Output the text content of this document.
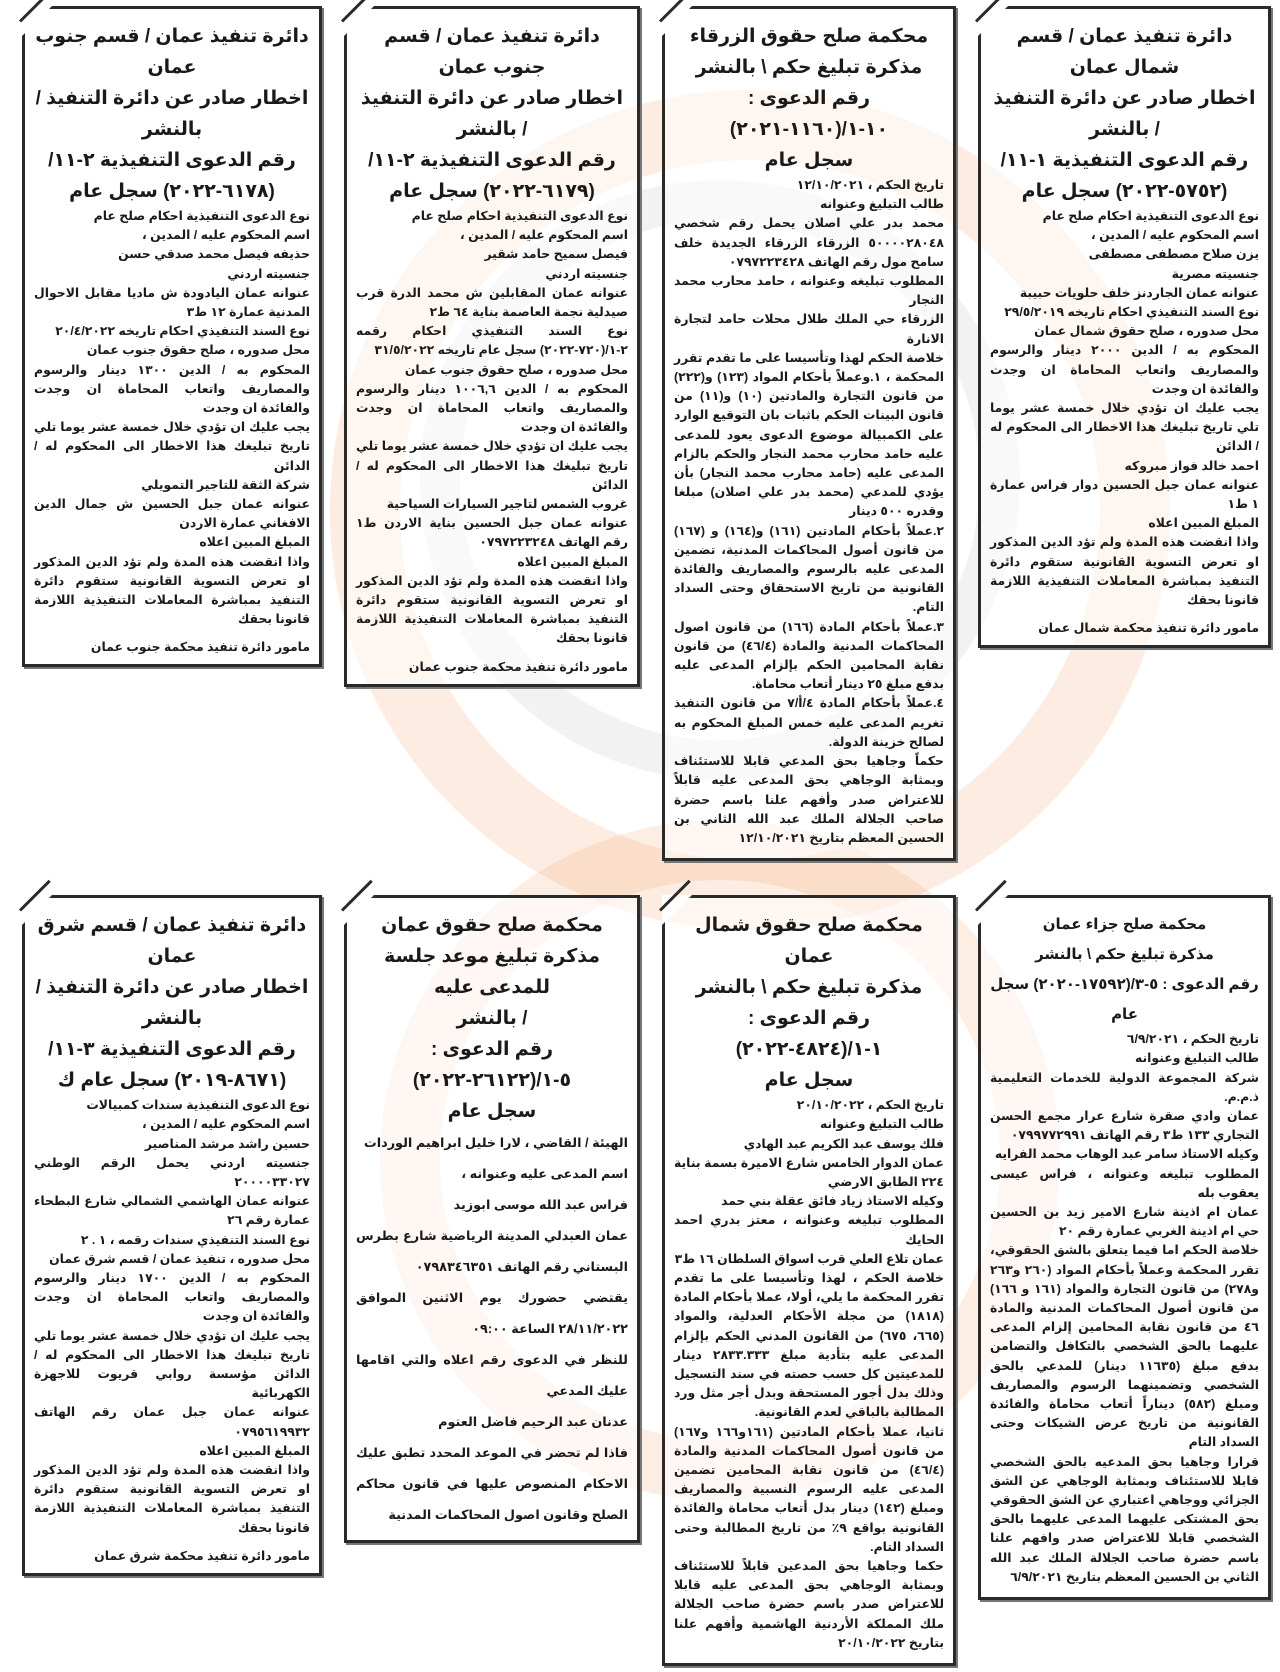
دائرة تنفيذ عمان / قسم شمال عمان
اخطار صادر عن دائرة التنفيذ / بالنشر
رقم الدعوى التنفيذية ١-١١/
(٥٧٥٢-٢٠٢٢) سجل عام

نوع الدعوى التنفيذية احكام صلح عام

اسم المحكوم عليه / المدين ،

يزن صلاح مصطفى مصطفى

جنسيته مصرية

عنوانه عمان الجاردنز خلف حلويات حبيبة

نوع السند التنفيذي احكام تاريخه ٢٩/٥/٢٠١٩

محل صدوره ، صلح حقوق شمال عمان

المحكوم به / الدين ٢٠٠٠ دينار والرسوم والمصاريف واتعاب المحاماة ان وجدت والفائدة ان وجدت

يجب عليك ان تؤدي خلال خمسة عشر يوما تلي تاريخ تبليغك هذا الاخطار الى المحكوم له / الدائن

احمد خالد فواز مبروكه

عنوانه عمان جبل الحسين دوار فراس عمارة ١ ط١

المبلغ المبين اعلاه

واذا انقضت هذه المدة ولم تؤد الدين المذكور او تعرض التسوية القانونية ستقوم دائرة التنفيذ بمباشرة المعاملات التنفيذية اللازمة قانونا بحقك

مامور دائرة تنفيذ محكمة شمال عمان
محكمة صلح حقوق الزرقاء
مذكرة تبليغ حكم \ بالنشر
رقم الدعوى : ١٠-١/(١١٦٠-٢٠٢١)
سجل عام

تاريخ الحكم ، ١٢/١٠/٢٠٢١

طالب التبليغ وعنوانه

محمد بدر علي اصلان يحمل رقم شخصي ٥٠٠٠٠٢٨٠٤٨ الزرقاء الزرقاء الجديدة خلف سامح مول رقم الهاتف ٠٧٩٧٢٢٣٤٢٨

المطلوب تبليغه وعنوانه ، حامد محارب محمد النجار

الزرقاء حي الملك طلال محلات حامد لتجارة الانارة

خلاصة الحكم لهذا وتأسيسا على ما تقدم تقرر المحكمة ، ١.وعملاً بأحكام المواد (١٢٣) و(٢٢٢) من قانون التجارة والمادتين (١٠) و(١١) من قانون البينات الحكم باثبات بان التوقيع الوارد على الكمبيالة موضوع الدعوى يعود للمدعى عليه حامد محارب محمد النجار والحكم بالزام المدعى عليه (حامد محارب محمد النجار) بأن يؤدي للمدعي (محمد بدر علي اصلان) مبلغا وقدره ٥٠٠ دينار

٢.عملاً بأحكام المادتين (١٦١) و(١٦٤) و (١٦٧) من قانون أصول المحاكمات المدنية، تضمين المدعى عليه بالرسوم والمصاريف والفائدة القانونية من تاريخ الاستحقاق وحتى السداد التام.

٣.عملاً بأحكام المادة (١٦٦) من قانون اصول المحاكمات المدنية والمادة (٤٦/٤) من قانون نقابة المحامين الحكم بإلزام المدعى عليه بدفع مبلغ ٢٥ دينار أتعاب محاماة.

٤.عملاً بأحكام المادة ٤/أ/٧ من قانون التنفيذ تغريم المدعى عليه خمس المبلغ المحكوم به لصالح خزينة الدولة.

حكماً وجاهيا بحق المدعي قابلا للاستئناف وبمثابة الوجاهي بحق المدعى عليه قابلاً للاعتراض صدر وأفهم علنا باسم حضرة صاحب الجلالة الملك عبد الله الثاني بن الحسين المعظم بتاريخ ١٢/١٠/٢٠٢١

دائرة تنفيذ عمان / قسم جنوب عمان
اخطار صادر عن دائرة التنفيذ / بالنشر
رقم الدعوى التنفيذية ٢-١١/
(٦١٧٩-٢٠٢٢) سجل عام

نوع الدعوى التنفيذية احكام صلح عام

اسم المحكوم عليه / المدين ،

فيصل سميح حامد شقير

جنسيته اردني

عنوانه عمان المقابلين ش محمد الدرة قرب صيدلية نجمة العاصمة بناية ٦٤ ط٢

نوع السند التنفيذي احكام رقمه ٢-١/(٧٢٠-٢٠٢٢) سجل عام تاريخه ٣١/٥/٢٠٢٢

محل صدوره ، صلح حقوق جنوب عمان

المحكوم به / الدين ١٠٠٦,٦ دينار والرسوم والمصاريف واتعاب المحاماة ان وجدت والفائدة ان وجدت

يجب عليك ان تؤدي خلال خمسة عشر يوما تلي تاريخ تبليغك هذا الاخطار الى المحكوم له / الدائن

غروب الشمس لتاجير السيارات السياحية

عنوانه عمان جبل الحسين بناية الاردن ط١ رقم الهاتف ٠٧٩٧٢٢٣٢٤٨

المبلغ المبين اعلاه

واذا انقضت هذه المدة ولم تؤد الدين المذكور او تعرض التسوية القانونية ستقوم دائرة التنفيذ بمباشرة المعاملات التنفيذية اللازمة قانونا بحقك

مامور دائرة تنفيذ محكمة جنوب عمان
دائرة تنفيذ عمان / قسم جنوب عمان
اخطار صادر عن دائرة التنفيذ / بالنشر
رقم الدعوى التنفيذية ٢-١١/
(٦١٧٨-٢٠٢٢) سجل عام

نوع الدعوى التنفيذية احكام صلح عام

اسم المحكوم عليه / المدين ،

حذيفه فيصل محمد صدقي حسن

جنسيته اردني

عنوانه عمان اليادودة ش ماديا مقابل الاحوال المدنية عمارة ١٢ ط٣

نوع السند التنفيذي احكام تاريخه ٢٠/٤/٢٠٢٢

محل صدوره ، صلح حقوق جنوب عمان

المحكوم به / الدين ١٣٠٠ دينار والرسوم والمصاريف واتعاب المحاماة ان وجدت والفائدة ان وجدت

يجب عليك ان تؤدي خلال خمسة عشر يوما تلي تاريخ تبليغك هذا الاخطار الى المحكوم له / الدائن

شركة الثقة للتاجير التمويلي

عنوانه عمان جبل الحسين ش جمال الدين الافغاني عمارة الاردن

المبلغ المبين اعلاه

واذا انقضت هذه المدة ولم تؤد الدين المذكور او تعرض التسوية القانونية ستقوم دائرة التنفيذ بمباشرة المعاملات التنفيذية اللازمة قانونا بحقك

مامور دائرة تنفيذ محكمة جنوب عمان
محكمة صلح جزاء عمان
مذكرة تبليغ حكم \ بالنشر
رقم الدعوى : ٥-٣/(١٧٥٩٢-٢٠٢٠) سجل عام

تاريخ الحكم ، ٦/٩/٢٠٢١

طالب التبليغ وعنوانه

شركة المجموعة الدولية للخدمات التعليمية ذ.م.م.

عمان وادي صقرة شارع عرار مجمع الحسن التجاري ١٣٣ ط٣ رقم الهاتف ٠٧٩٩٧٧٢٩٩١

وكيله الاستاذ سامر عبد الوهاب محمد الفرايه

المطلوب تبليغه وعنوانه ، فراس عيسى يعقوب بله

عمان ام اذينة شارع الامير زيد بن الحسين حي ام اذينة الغربي عمارة رقم ٢٠

خلاصة الحكم اما فيما يتعلق بالشق الحقوقي، تقرر المحكمة وعملاً بأحكام المواد (٢٦٠ و٢٦٣ و٢٧٨) من قانون التجارة والمواد (١٦١ و ١٦٦) من قانون أصول المحاكمات المدنية والمادة ٤٦ من قانون نقابة المحامين إلزام المدعى عليهما بالحق الشخصي بالتكافل والتضامن بدفع مبلغ (١١٦٣٥ دينار) للمدعي بالحق الشخصي وتضمينهما الرسوم والمصاريف ومبلغ (٥٨٢) ديناراً أتعاب محاماة والفائدة القانونية من تاريخ عرض الشيكات وحتى السداد التام

قرارا وجاهيا بحق المدعيه بالحق الشخصي قابلا للاستئناف وبمثابة الوجاهي عن الشق الجزائي ووجاهي اعتباري عن الشق الحقوقي بحق المشتكى عليهما المدعى عليهما بالحق الشخصي قابلا للاعتراض صدر وافهم علنا باسم حضرة صاحب الجلالة الملك عبد الله الثاني بن الحسين المعظم بتاريخ ٦/٩/٢٠٢١

محكمة صلح حقوق شمال عمان
مذكرة تبليغ حكم \ بالنشر
رقم الدعوى : ١-١/(٤٨٢٤-٢٠٢٢)
سجل عام

تاريخ الحكم ، ٢٠/١٠/٢٠٢٢

طالب التبليغ وعنوانه

فلك يوسف عبد الكريم عبد الهادي

عمان الدوار الخامس شارع الاميرة بسمة بناية ٢٢٤ الطابق الارضي

وكيله الاستاذ زياد فائق عقلة بني حمد

المطلوب تبليغه وعنوانه ، معتز بدري احمد الحايك

عمان تلاع العلي قرب اسواق السلطان ١٦ ط٣

خلاصة الحكم ، لهذا وتأسيسا على ما تقدم تقرر المحكمة ما يلي، أولا، عملا بأحكام المادة (١٨١٨) من مجلة الأحكام العدلية، والمواد (٦٦٥، ٦٧٥) من القانون المدني الحكم بإلزام المدعى عليه بتأدية مبلغ ٢٨٣٣.٣٣٣ دينار للمدعيتين كل حسب حصته في سند التسجيل وذلك بدل أجور المستحقة وبدل أجر مثل ورد المطالبة بالباقي لعدم القانونية.

ثانيا، عملا بأحكام المادتين (١٦١و١٦٦ و١٦٧) من قانون أصول المحاكمات المدنية والمادة (٤٦/٤) من قانون نقابة المحامين تضمين المدعى عليه الرسوم النسبية والمصاريف ومبلغ (١٤٢) دينار بدل أتعاب محاماة والفائدة القانونية بواقع ٩٪ من تاريخ المطالبة وحتى السداد التام.

حكما وجاهيا بحق المدعين قابلاً للاستئناف وبمثابة الوجاهي بحق المدعى عليه قابلا للاعتراض صدر باسم حضرة صاحب الجلالة ملك المملكة الأردنية الهاشمية وأفهم علنا بتاريخ ٢٠/١٠/٢٠٢٢

محكمة صلح حقوق عمان
مذكرة تبليغ موعد جلسة للمدعى عليه
/ بالنشر
رقم الدعوى : ٥-١/(٢٦١٢٢-٢٠٢٢)
سجل عام

الهيئة / القاضي ، لارا خليل ابراهيم الوردات

اسم المدعى عليه وعنوانه ،

فراس عبد الله موسى ابوزيد

عمان العبدلي المدينة الرياضية شارع بطرس البستاني رقم الهاتف ٠٧٩٨٣٤٦٣٥١

يقتضي حضورك يوم الاثنين الموافق ٢٨/١١/٢٠٢٢ الساعة ٠٩:٠٠

للنظر في الدعوى رقم اعلاه والتي اقامها عليك المدعي

عدنان عبد الرحيم فاضل العتوم

فاذا لم تحضر في الموعد المحدد تطبق عليك الاحكام المنصوص عليها في قانون محاكم الصلح وقانون اصول المحاكمات المدنية

دائرة تنفيذ عمان / قسم شرق عمان
اخطار صادر عن دائرة التنفيذ / بالنشر
رقم الدعوى التنفيذية ٣-١١/
(٨٦٧١-٢٠١٩) سجل عام ك

نوع الدعوى التنفيذية سندات كمبيالات

اسم المحكوم عليه / المدين ،

حسين راشد مرشد المناصير

جنسيته اردني يحمل الرقم الوطني ٢٠٠٠٠٣٣٠٢٧

عنوانه عمان الهاشمي الشمالي شارع البطحاء عمارة رقم ٢٦

نوع السند التنفيذي سندات رقمه ، ١ . ٢

محل صدوره ، تنفيذ عمان / قسم شرق عمان

المحكوم به / الدين ١٧٠٠ دينار والرسوم والمصاريف واتعاب المحاماة ان وجدت والفائدة ان وجدت

يجب عليك ان تؤدي خلال خمسة عشر يوما تلي تاريخ تبليغك هذا الاخطار الى المحكوم له / الدائن مؤسسة روابي قريوت للاجهزة الكهربائية

عنوانه عمان جبل عمان رقم الهاتف ٠٧٩٥٦١٩٩٣٢

المبلغ المبين اعلاه

واذا انقضت هذه المدة ولم تؤد الدين المذكور او تعرض التسوية القانونية ستقوم دائرة التنفيذ بمباشرة المعاملات التنفيذية اللازمة قانونا بحقك

مامور دائرة تنفيذ محكمة شرق عمان
